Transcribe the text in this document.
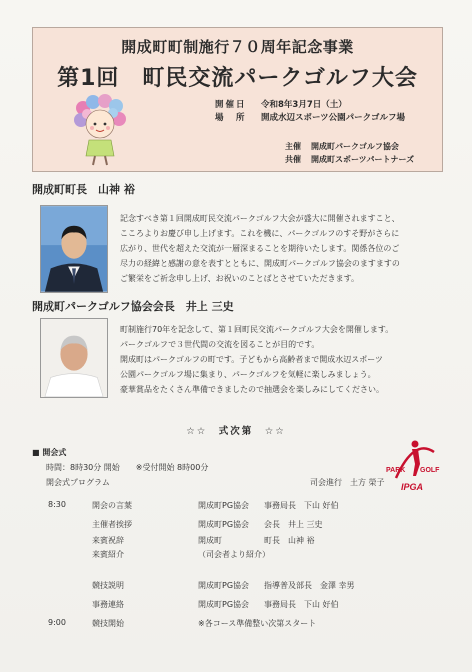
開成町町制施行７０周年記念事業
第1回　町民交流パークゴルフ大会
開催日	令和8年3月7日（土）
場　所	開成水辺スポーツ公園パークゴルフ場
主催 開成町パークゴルフ協会
共催 開成町スポーツパートナーズ
開成町町長　山神 裕
記念すべき第１回開成町民交流パークゴルフ大会が盛大に開催されますこと、
こころよりお慶び申し上げます。これを機に、パークゴルフのすそ野がさらに
広がり、世代を超えた交流が一層深まることを期待いたします。関係各位のご
尽力の経緯と感謝の意を表すとともに、開成町パークゴルフ協会のますますの
ご繁栄をご祈念申し上げ、お祝いのことばとさせていただきます。
開成町パークゴルフ協会会長　井上 三史
町制施行70年を記念して、第１回町民交流パークゴルフ大会を開催します。
パークゴルフで３世代間の交流を図ることが目的です。
開成町はパークゴルフの町です。子どもから高齢者まで開成水辺スポーツ
公園パークゴルフ場に集まり、パークゴルフを気軽に楽しみましょう。
豪華賞品をたくさん準備できましたので抽選会を楽しみにしてください。
☆☆　式次第　☆☆
PARK GOLF
IPGA
■ 開会式
時間：8時30分 開始　　※受付開始 8時00分
開会式プログラム	司会進行　土方 榮子
8:30	開会の言葉	開成町PG協会 事務局長　下山 好伯
主催者挨拶	開成町PG協会 会長　井上 三史
来賓祝辞	開成町	町長　山神 裕
来賓紹介	（司会者より紹介）
競技説明	開成町PG協会 指導普及部長　金澤 幸男
事務連絡	開成町PG協会 事務局長　下山 好伯
9:00	競技開始	※各コース準備整い次第スタート
